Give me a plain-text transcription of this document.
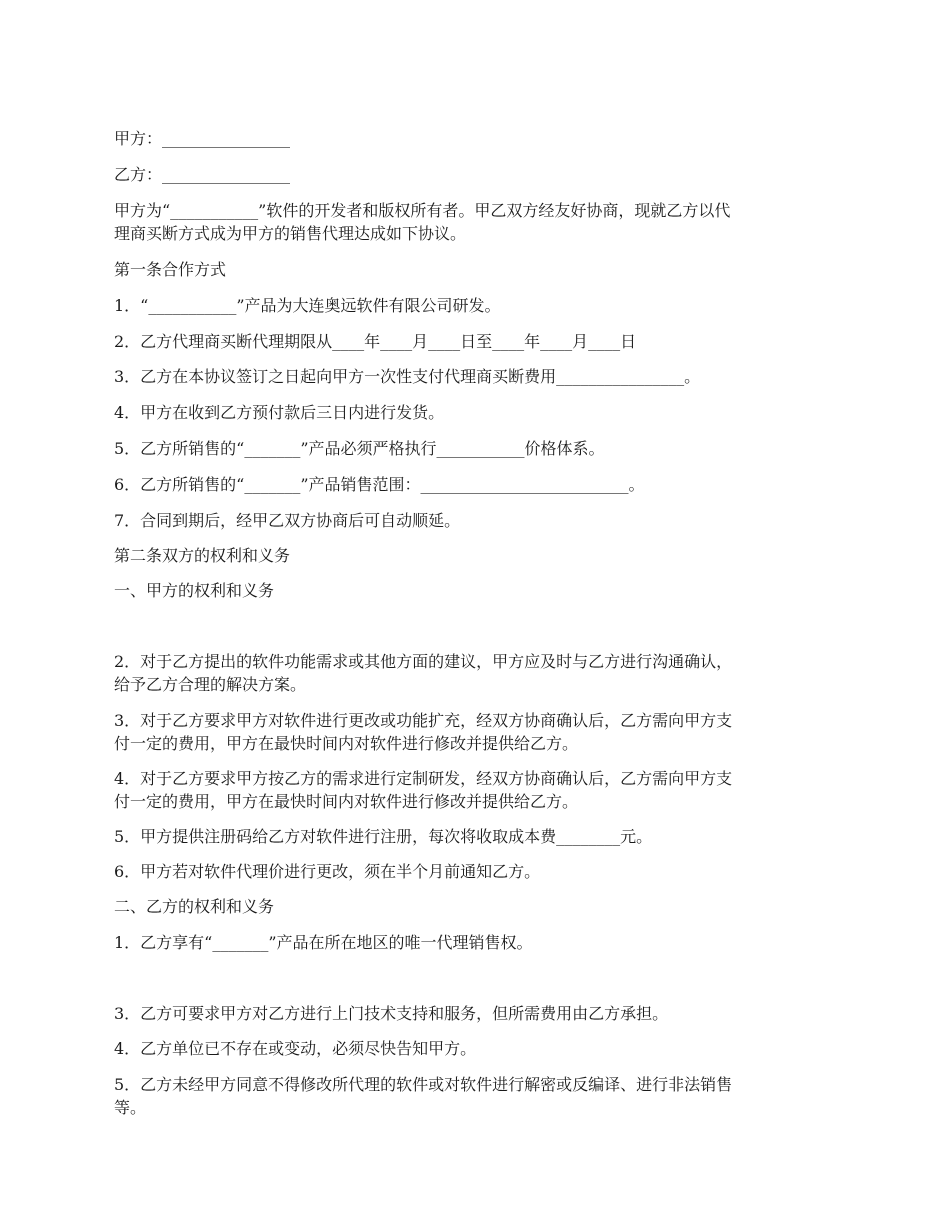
甲方：________________
乙方：________________
甲方为“___________”软件的开发者和版权所有者。甲乙双方经友好协商，现就乙方以代
理商买断方式成为甲方的销售代理达成如下协议。
第一条合作方式
1．“___________”产品为大连奥远软件有限公司研发。
2．乙方代理商买断代理期限从____年____月____日至____年____月____日
3．乙方在本协议签订之日起向甲方一次性支付代理商买断费用________________。
4．甲方在收到乙方预付款后三日内进行发货。
5．乙方所销售的“_______”产品必须严格执行___________价格体系。
6．乙方所销售的“_______”产品销售范围：__________________________。
7．合同到期后，经甲乙双方协商后可自动顺延。
第二条双方的权利和义务
一、甲方的权利和义务
2．对于乙方提出的软件功能需求或其他方面的建议，甲方应及时与乙方进行沟通确认，
给予乙方合理的解决方案。
3．对于乙方要求甲方对软件进行更改或功能扩充，经双方协商确认后，乙方需向甲方支
付一定的费用，甲方在最快时间内对软件进行修改并提供给乙方。
4．对于乙方要求甲方按乙方的需求进行定制研发，经双方协商确认后，乙方需向甲方支
付一定的费用，甲方在最快时间内对软件进行修改并提供给乙方。
5．甲方提供注册码给乙方对软件进行注册，每次将收取成本费________元。
6．甲方若对软件代理价进行更改，须在半个月前通知乙方。
二、乙方的权利和义务
1．乙方享有“_______”产品在所在地区的唯一代理销售权。
3．乙方可要求甲方对乙方进行上门技术支持和服务，但所需费用由乙方承担。
4．乙方单位已不存在或变动，必须尽快告知甲方。
5．乙方未经甲方同意不得修改所代理的软件或对软件进行解密或反编译、进行非法销售
等。
